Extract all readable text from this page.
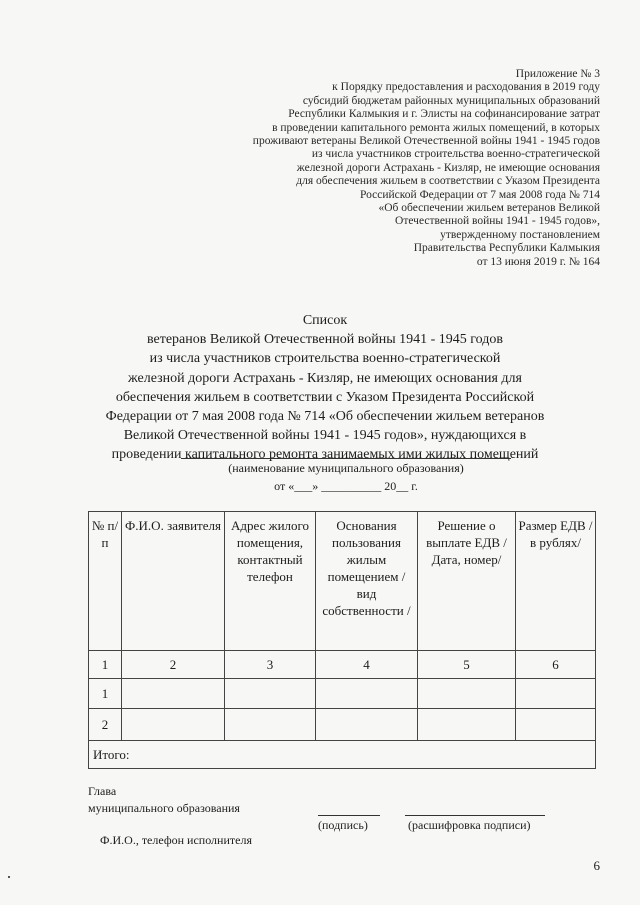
Приложение № 3
к Порядку предоставления и расходования в 2019 году
субсидий бюджетам районных муниципальных образований
Республики Калмыкия и г. Элисты на софинансирование затрат
в проведении капитального ремонта жилых помещений, в которых
проживают ветераны Великой Отечественной войны 1941 - 1945 годов
из числа участников строительства военно-стратегической
железной дороги Астрахань - Кизляр, не имеющие основания
для обеспечения жильем в соответствии с Указом Президента
Российской Федерации от 7 мая 2008 года № 714
«Об обеспечении жильем ветеранов Великой
Отечественной войны 1941 - 1945 годов»,
утвержденному постановлением
Правительства Республики Калмыкия
от 13 июня 2019 г. № 164
Список
ветеранов Великой Отечественной войны 1941 - 1945 годов
из числа участников строительства военно-стратегической
железной дороги Астрахань - Кизляр, не имеющих основания для
обеспечения жильем в соответствии с Указом Президента Российской
Федерации от 7 мая 2008 года № 714 «Об обеспечении жильем ветеранов
Великой Отечественной войны 1941 - 1945 годов», нуждающихся в
проведении капитального ремонта занимаемых ими жилых помещений
(наименование муниципального образования)
от «___» __________ 20__ г.
№ п/п	Ф.И.О. заявителя	Адрес жилого помещения, контактный телефон	Основания пользования жилым помещением /вид собственности /	Решение о выплате ЕДВ /Дата, номер/	Размер ЕДВ /в рублях/
1	2	3	4	5	6
1					
2					
Итого:					
Глава
муниципального образования
(подпись)	(расшифровка подписи)
Ф.И.О., телефон исполнителя
6
